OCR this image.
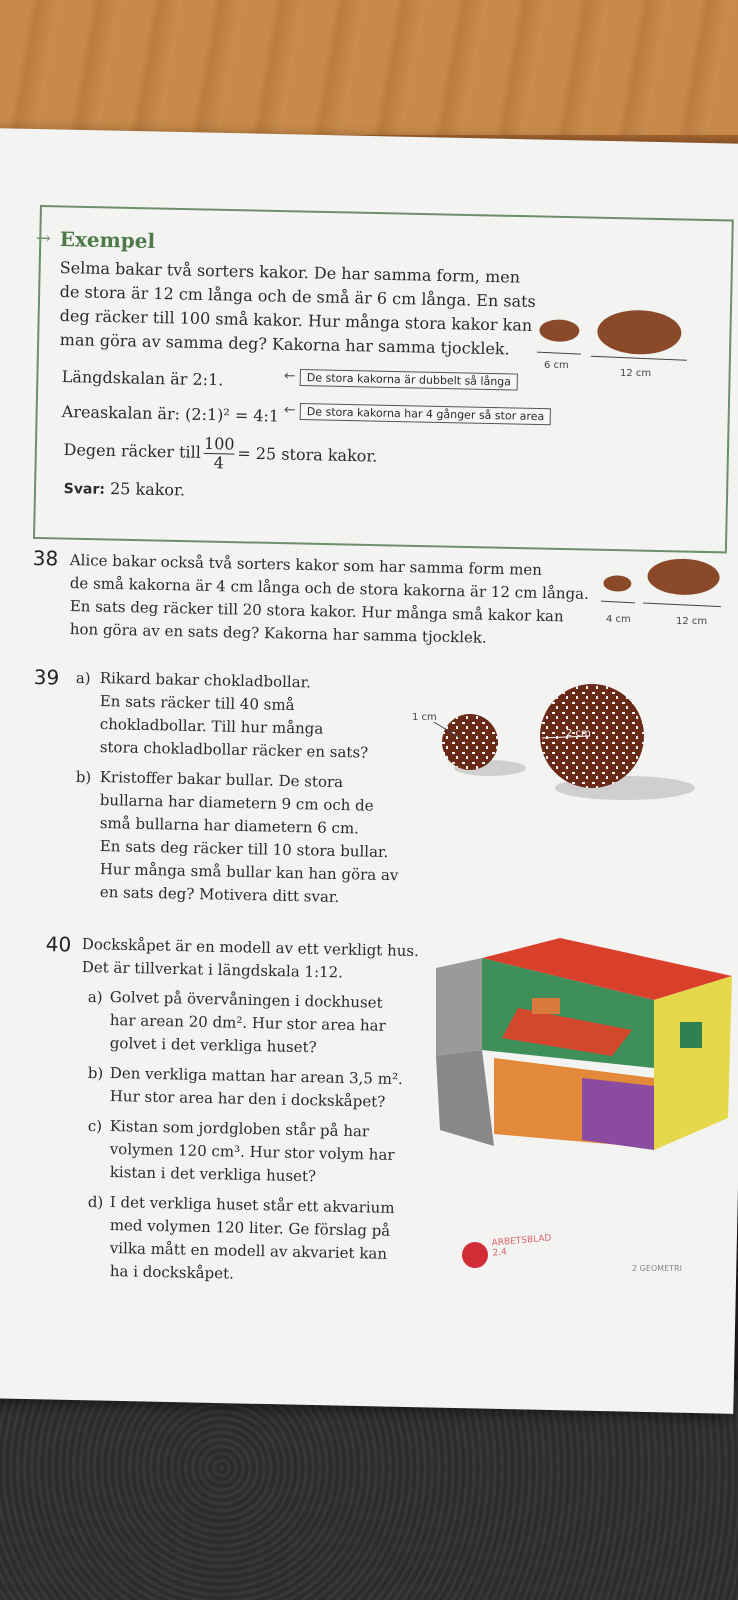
→ Exempel
Selma bakar två sorters kakor. De har samma form, men
de stora är 12 cm långa och de små är 6 cm långa. En sats
deg räcker till 100 små kakor. Hur många stora kakor kan
man göra av samma deg? Kakorna har samma tjocklek.
6 cm
12 cm
Längdskalan är 2:1.	← De stora kakorna är dubbelt så långa
Areaskalan är: (2:1)² = 4:1 ← De stora kakorna har 4 gånger så stor area
Degen räcker till $\frac{100}{4} = 25$ stora kakor.
Svar: 25 kakor.
38 Alice bakar också två sorters kakor som har samma form men
de små kakorna är 4 cm långa och de stora kakorna är 12 cm långa.
En sats deg räcker till 20 stora kakor. Hur många små kakor kan
hon göra av en sats deg? Kakorna har samma tjocklek.
4 cm	12 cm
39 a) Rikard bakar chokladbollar.
En sats räcker till 40 små
chokladbollar. Till hur många
stora chokladbollar räcker en sats?
1 cm
2 cm
b) Kristoffer bakar bullar. De stora
bullarna har diametern 9 cm och de
små bullarna har diametern 6 cm.
En sats deg räcker till 10 stora bullar.
Hur många små bullar kan han göra av
en sats deg? Motivera ditt svar.
40 Dockskåpet är en modell av ett verkligt hus.
Det är tillverkat i längdskala 1:12.
a) Golvet på övervåningen i dockhuset
har arean 20 dm². Hur stor area har
golvet i det verkliga huset?
b) Den verkliga mattan har arean 3,5 m².
Hur stor area har den i dockskåpet?
c) Kistan som jordgloben står på har
volymen 120 cm³. Hur stor volym har
kistan i det verkliga huset?
d) I det verkliga huset står ett akvarium
med volymen 120 liter. Ge förslag på
vilka mått en modell av akvariet kan
ha i dockskåpet.
ARBETSBLAD
2.4
2 GEOMETRI
